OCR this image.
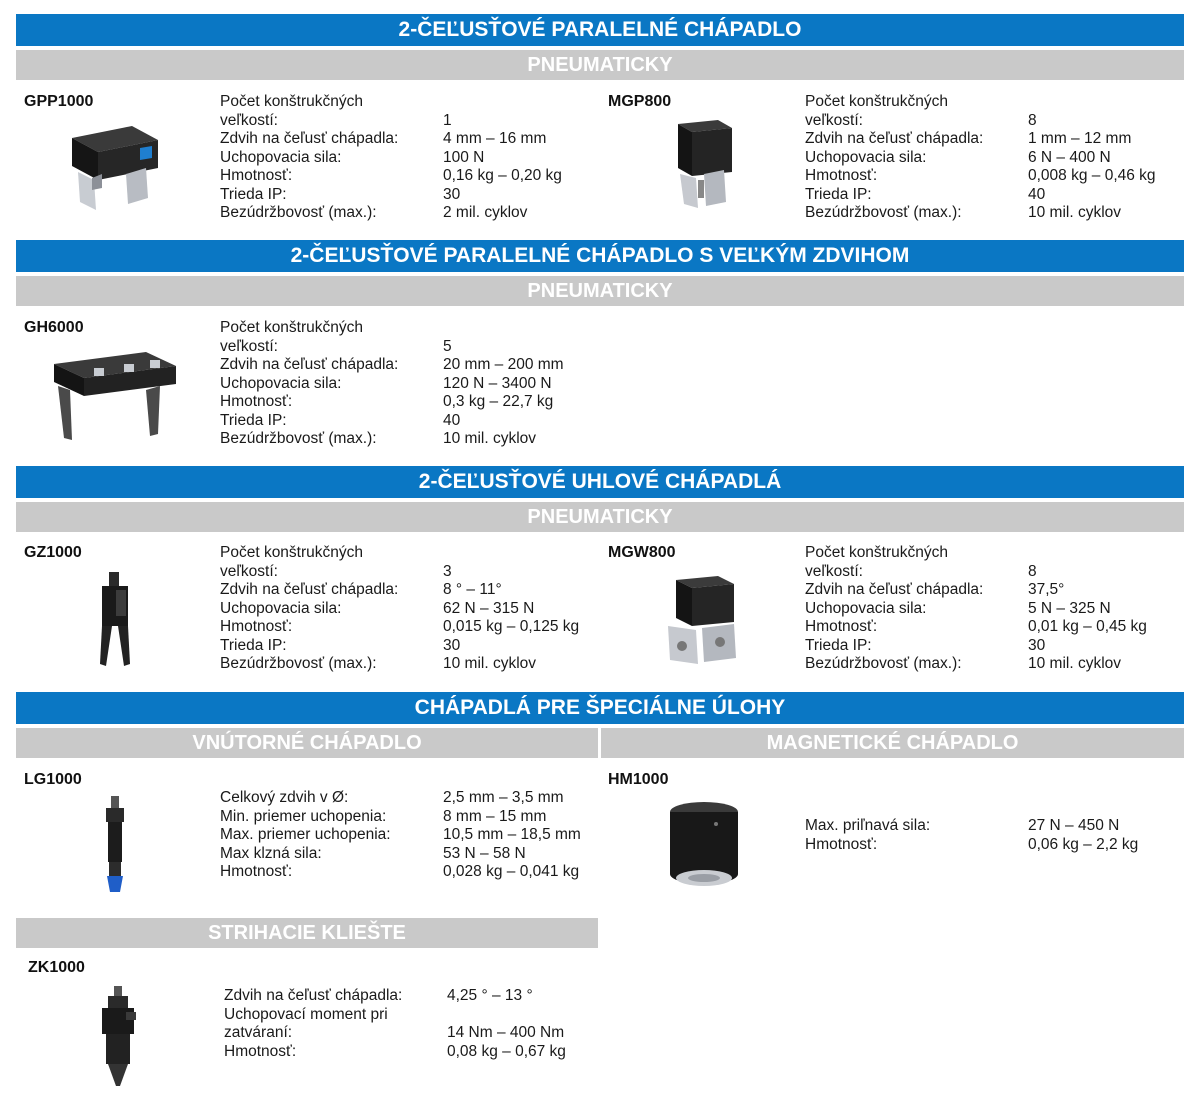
2-ČEĽUSŤOVÉ PARALELNÉ CHÁPADLO
PNEUMATICKY
GPP1000	Počet konštrukčných
veľkostí:	1
Zdvih na čeľusť chápadla:	4 mm – 16 mm
Uchopovacia sila:	100 N
Hmotnosť:	0,16 kg – 0,20 kg
Trieda IP:	30
Bezúdržbovosť (max.):	2 mil. cyklov
MGP800	Počet konštrukčných
veľkostí:	8
Zdvih na čeľusť chápadla:	1 mm – 12 mm
Uchopovacia sila:	6 N – 400 N
Hmotnosť:	0,008 kg – 0,46 kg
Trieda IP:	40
Bezúdržbovosť (max.):	10 mil. cyklov
2-ČEĽUSŤOVÉ PARALELNÉ CHÁPADLO S VEĽKÝM ZDVIHOM
PNEUMATICKY
GH6000	Počet konštrukčných
veľkostí:	5
Zdvih na čeľusť chápadla:	20 mm – 200 mm
Uchopovacia sila:	120 N – 3400 N
Hmotnosť:	0,3 kg – 22,7 kg
Trieda IP:	40
Bezúdržbovosť (max.):	10 mil. cyklov
2-ČEĽUSŤOVÉ UHLOVÉ CHÁPADLÁ
PNEUMATICKY
GZ1000	Počet konštrukčných
veľkostí:	3
Zdvih na čeľusť chápadla:	8 ° – 11°
Uchopovacia sila:	62 N – 315 N
Hmotnosť:	0,015 kg – 0,125 kg
Trieda IP:	30
Bezúdržbovosť (max.):	10 mil. cyklov
MGW800	Počet konštrukčných
veľkostí:	8
Zdvih na čeľusť chápadla:	37,5°
Uchopovacia sila:	5 N – 325 N
Hmotnosť:	0,01 kg – 0,45 kg
Trieda IP:	30
Bezúdržbovosť (max.):	10 mil. cyklov
CHÁPADLÁ PRE ŠPECIÁLNE ÚLOHY
VNÚTORNÉ CHÁPADLO	MAGNETICKÉ CHÁPADLO
LG1000
Celkový zdvih v Ø:	2,5 mm – 3,5 mm
Min. priemer uchopenia:	8 mm – 15 mm
Max. priemer uchopenia:	10,5 mm – 18,5 mm
Max klzná sila:	53 N – 58 N
Hmotnosť:	0,028 kg – 0,041 kg
HM1000
Max. priľnavá sila:	27 N – 450 N
Hmotnosť:	0,06 kg – 2,2 kg
STRIHACIE KLIEŠTE
ZK1000
Zdvih na čeľusť chápadla:	4,25 ° – 13 °
Uchopovací moment pri
zatváraní:	14 Nm – 400 Nm
Hmotnosť:	0,08 kg – 0,67 kg
